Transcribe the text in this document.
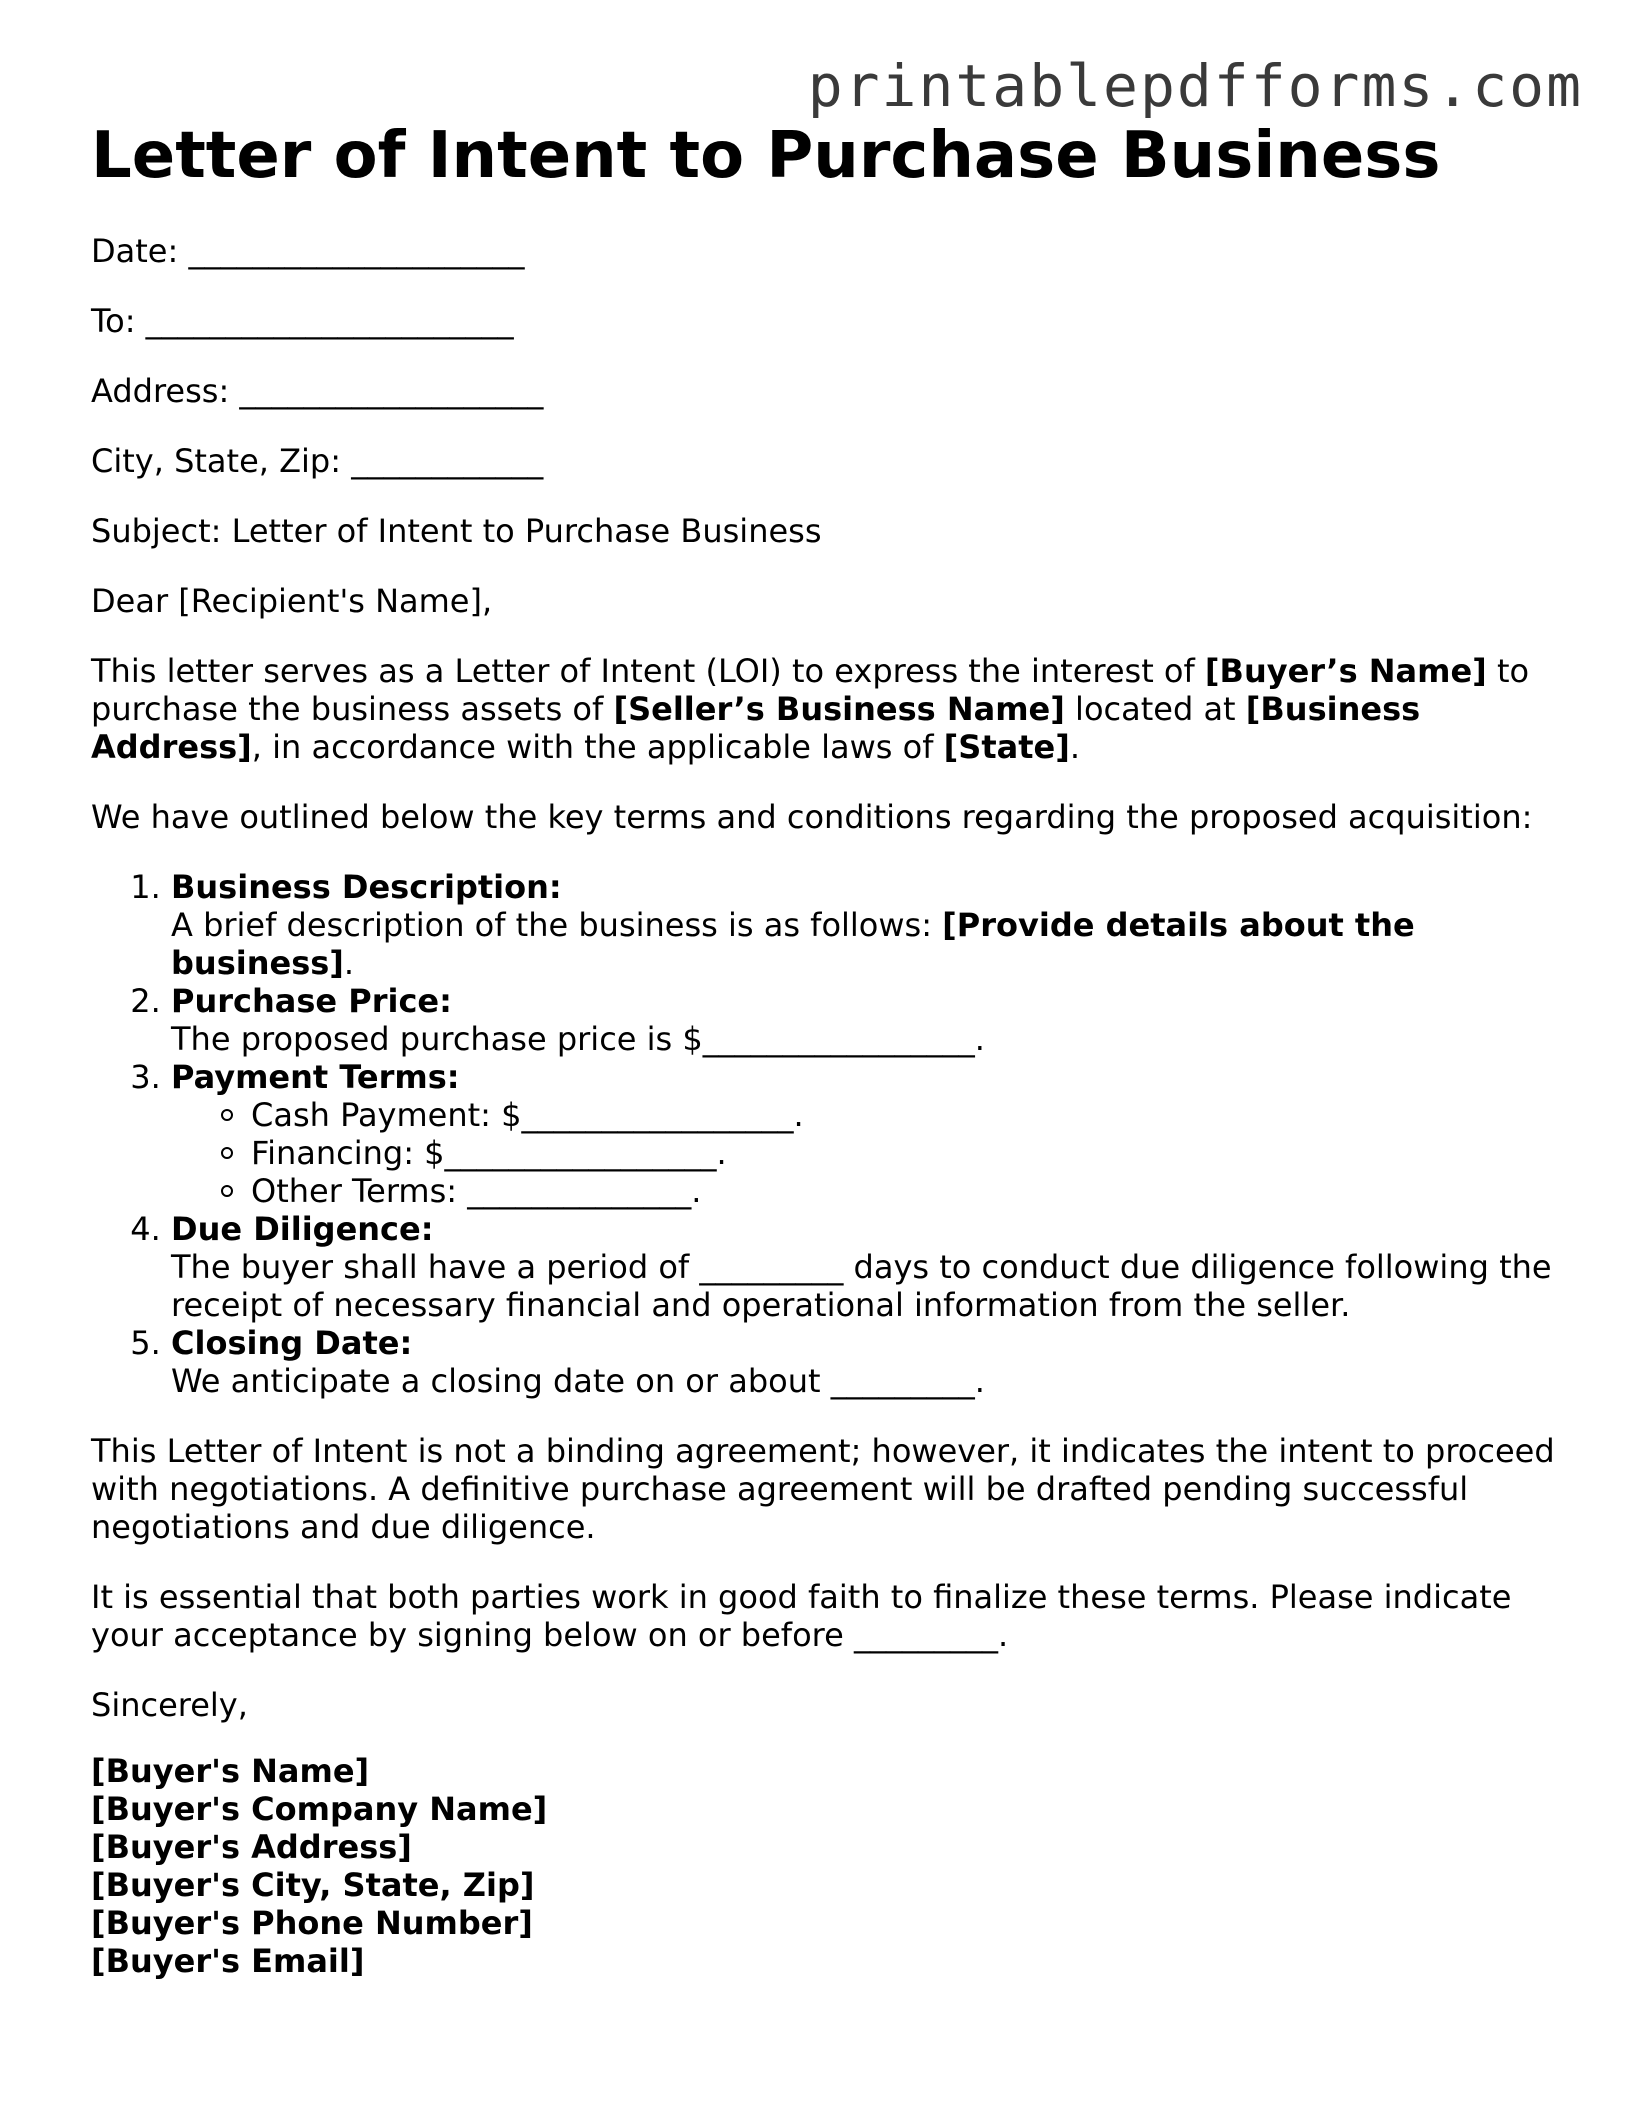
printablepdfforms.com
Letter of Intent to Purchase Business

Date: _____________________

To: _______________________

Address: ___________________

City, State, Zip: ____________

Subject: Letter of Intent to Purchase Business

Dear [Recipient's Name],

This letter serves as a Letter of Intent (LOI) to express the interest of [Buyer’s Name] to purchase the business assets of [Seller’s Business Name] located at [Business Address], in accordance with the applicable laws of [State].

We have outlined below the key terms and conditions regarding the proposed acquisition:

1. Business Description:
A brief description of the business is as follows: [Provide details about the business].
2. Purchase Price:
The proposed purchase price is $_________________.
3. Payment Terms:
Cash Payment: $_________________.
Financing: $_________________.
Other Terms: ______________.
4. Due Diligence:
The buyer shall have a period of _________ days to conduct due diligence following the receipt of necessary financial and operational information from the seller.
5. Closing Date:
We anticipate a closing date on or about _________.

This Letter of Intent is not a binding agreement; however, it indicates the intent to proceed with negotiations. A definitive purchase agreement will be drafted pending successful negotiations and due diligence.

It is essential that both parties work in good faith to finalize these terms. Please indicate your acceptance by signing below on or before _________.

Sincerely,

[Buyer's Name]
[Buyer's Company Name]
[Buyer's Address]
[Buyer's City, State, Zip]
[Buyer's Phone Number]
[Buyer's Email]
